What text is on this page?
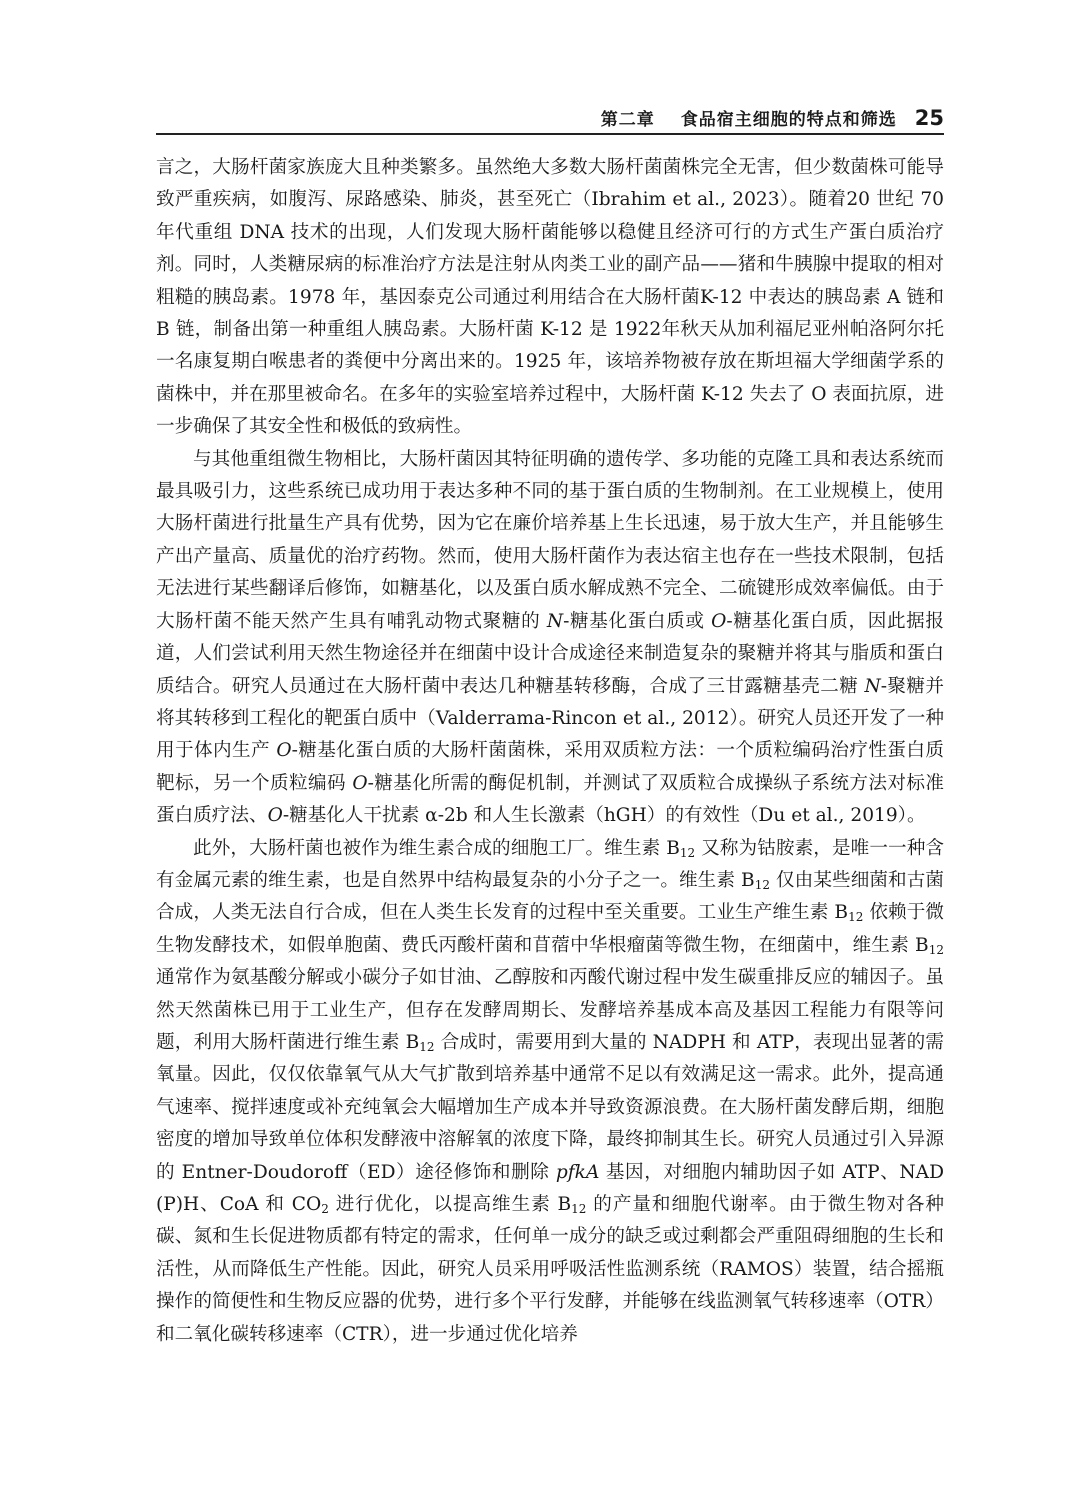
第二章 食品宿主细胞的特点和筛选 25

言之，大肠杆菌家族庞大且种类繁多。虽然绝大多数大肠杆菌菌株完全无害，但少数菌株可能导致严重疾病，如腹泻、尿路感染、肺炎，甚至死亡（Ibrahim et al., 2023）。随着20 世纪 70 年代重组 DNA 技术的出现，人们发现大肠杆菌能够以稳健且经济可行的方式生产蛋白质治疗剂。同时，人类糖尿病的标准治疗方法是注射从肉类工业的副产品——猪和牛胰腺中提取的相对粗糙的胰岛素。1978 年，基因泰克公司通过利用结合在大肠杆菌K-12 中表达的胰岛素 A 链和 B 链，制备出第一种重组人胰岛素。大肠杆菌 K-12 是 1922年秋天从加利福尼亚州帕洛阿尔托一名康复期白喉患者的粪便中分离出来的。1925 年，该培养物被存放在斯坦福大学细菌学系的菌株中，并在那里被命名。在多年的实验室培养过程中，大肠杆菌 K-12 失去了 O 表面抗原，进一步确保了其安全性和极低的致病性。

与其他重组微生物相比，大肠杆菌因其特征明确的遗传学、多功能的克隆工具和表达系统而最具吸引力，这些系统已成功用于表达多种不同的基于蛋白质的生物制剂。在工业规模上，使用大肠杆菌进行批量生产具有优势，因为它在廉价培养基上生长迅速，易于放大生产，并且能够生产出产量高、质量优的治疗药物。然而，使用大肠杆菌作为表达宿主也存在一些技术限制，包括无法进行某些翻译后修饰，如糖基化，以及蛋白质水解成熟不完全、二硫键形成效率偏低。由于大肠杆菌不能天然产生具有哺乳动物式聚糖的 N-糖基化蛋白质或 O-糖基化蛋白质，因此据报道，人们尝试利用天然生物途径并在细菌中设计合成途径来制造复杂的聚糖并将其与脂质和蛋白质结合。研究人员通过在大肠杆菌中表达几种糖基转移酶，合成了三甘露糖基壳二糖 N-聚糖并将其转移到工程化的靶蛋白质中（Valderrama-Rincon et al., 2012）。研究人员还开发了一种用于体内生产 O-糖基化蛋白质的大肠杆菌菌株，采用双质粒方法：一个质粒编码治疗性蛋白质靶标，另一个质粒编码 O-糖基化所需的酶促机制，并测试了双质粒合成操纵子系统方法对标准蛋白质疗法、O-糖基化人干扰素 α-2b 和人生长激素（hGH）的有效性（Du et al., 2019）。

此外，大肠杆菌也被作为维生素合成的细胞工厂。维生素 $B_{12}$ 又称为钴胺素，是唯一一种含有金属元素的维生素，也是自然界中结构最复杂的小分子之一。维生素 $B_{12}$ 仅由某些细菌和古菌合成，人类无法自行合成，但在人类生长发育的过程中至关重要。工业生产维生素 $B_{12}$ 依赖于微生物发酵技术，如假单胞菌、费氏丙酸杆菌和苜蓿中华根瘤菌等微生物，在细菌中，维生素 $B_{12}$ 通常作为氨基酸分解或小碳分子如甘油、乙醇胺和丙酸代谢过程中发生碳重排反应的辅因子。虽然天然菌株已用于工业生产，但存在发酵周期长、发酵培养基成本高及基因工程能力有限等问题，利用大肠杆菌进行维生素 $B_{12}$ 合成时，需要用到大量的 NADPH 和 ATP，表现出显著的需氧量。因此，仅仅依靠氧气从大气扩散到培养基中通常不足以有效满足这一需求。此外，提高通气速率、搅拌速度或补充纯氧会大幅增加生产成本并导致资源浪费。在大肠杆菌发酵后期，细胞密度的增加导致单位体积发酵液中溶解氧的浓度下降，最终抑制其生长。研究人员通过引入异源的 Entner-Doudoroff（ED）途径修饰和删除 pfkA 基因，对细胞内辅助因子如 ATP、NAD(P)H、CoA 和 $CO_2$ 进行优化，以提高维生素 $B_{12}$ 的产量和细胞代谢率。由于微生物对各种碳、氮和生长促进物质都有特定的需求，任何单一成分的缺乏或过剩都会严重阻碍细胞的生长和活性，从而降低生产性能。因此，研究人员采用呼吸活性监测系统（RAMOS）装置，结合摇瓶操作的简便性和生物反应器的优势，进行多个平行发酵，并能够在线监测氧气转移速率（OTR）和二氧化碳转移速率（CTR），进一步通过优化培养
